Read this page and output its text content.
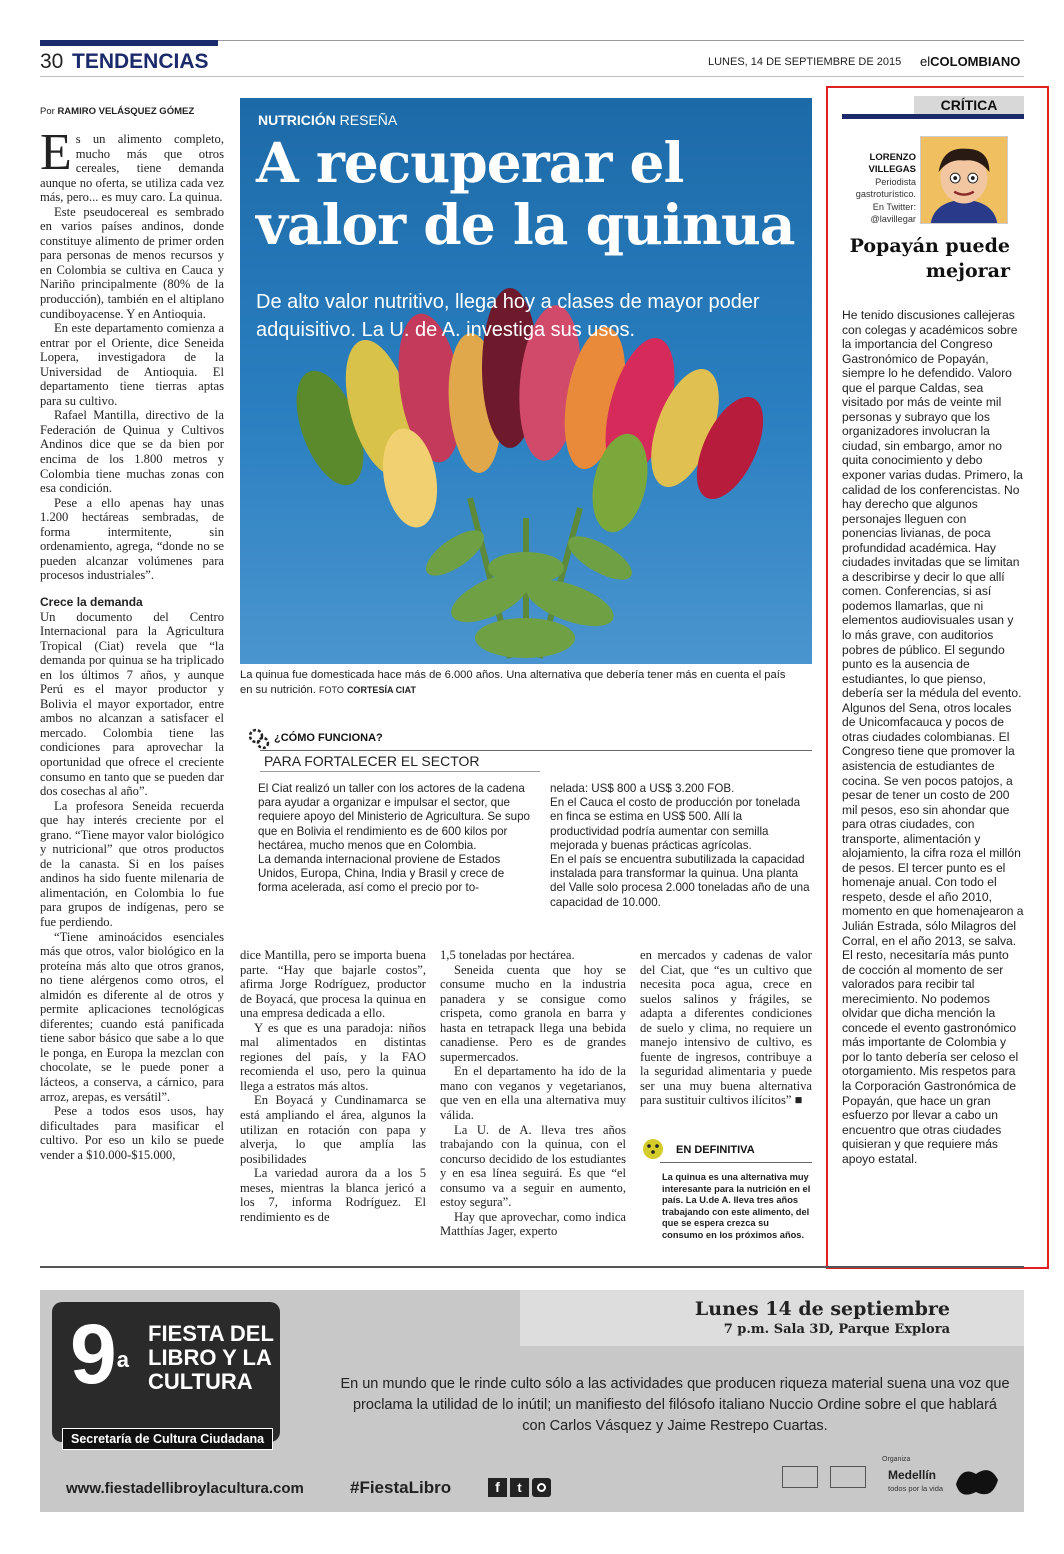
30 TENDENCIAS	LUNES, 14 DE SEPTIEMBRE DE 2015 elCOLOMBIANO
Por RAMIRO VELÁSQUEZ GÓMEZ

Es un alimento completo, mucho más que otros cereales, tiene demanda aunque no oferta, se utiliza cada vez más, pero... es muy caro. La quinua.

Este pseudocereal es sembrado en varios países andinos, donde constituye alimento de primer orden para personas de menos recursos y en Colombia se cultiva en Cauca y Nariño principalmente (80% de la producción), también en el altiplano cundiboyacense. Y en Antioquia.

En este departamento comienza a entrar por el Oriente, dice Seneida Lopera, investigadora de la Universidad de Antioquia. El departamento tiene tierras aptas para su cultivo.

Rafael Mantilla, directivo de la Federación de Quinua y Cultivos Andinos dice que se da bien por encima de los 1.800 metros y Colombia tiene muchas zonas con esa condición.

Pese a ello apenas hay unas 1.200 hectáreas sembradas, de forma intermitente, sin ordenamiento, agrega, “donde no se pueden alcanzar volúmenes para procesos industriales”.

Crece la demanda

Un documento del Centro Internacional para la Agricultura Tropical (Ciat) revela que “la demanda por quinua se ha triplicado en los últimos 7 años, y aunque Perú es el mayor productor y Bolivia el mayor exportador, entre ambos no alcanzan a satisfacer el mercado. Colombia tiene las condiciones para aprovechar la oportunidad que ofrece el creciente consumo en tanto que se pueden dar dos cosechas al año”.

La profesora Seneida recuerda que hay interés creciente por el grano. “Tiene mayor valor biológico y nutricional” que otros productos de la canasta. Si en los países andinos ha sido fuente milenaria de alimentación, en Colombia lo fue para grupos de indígenas, pero se fue perdiendo.

“Tiene aminoácidos esenciales más que otros, valor biológico en la proteína más alto que otros granos, no tiene alérgenos como otros, el almidón es diferente al de otros y permite aplicaciones tecnológicas diferentes; cuando está panificada tiene sabor básico que sabe a lo que le ponga, en Europa la mezclan con chocolate, se le puede poner a lácteos, a conserva, a cárnico, para arroz, arepas, es versátil”.

Pese a todos esos usos, hay dificultades para masificar el cultivo. Por eso un kilo se puede vender a $10.000-$15.000,

NUTRICIÓN RESEÑA
A recuperar el valor de la quinua
De alto valor nutritivo, llega hoy a clases de mayor poder adquisitivo. La U. de A. investiga sus usos.
La quinua fue domesticada hace más de 6.000 años. Una alternativa que debería tener más en cuenta el país en su nutrición. FOTO CORTESÍA CIAT
¿CÓMO FUNCIONA?
PARA FORTALECER EL SECTOR
El Ciat realizó un taller con los actores de la cadena para ayudar a organizar e impulsar el sector, que requiere apoyo del Ministerio de Agricultura. Se supo que en Bolivia el rendimiento es de 600 kilos por hectárea, mucho menos que en Colombia.
La demanda internacional proviene de Estados Unidos, Europa, China, India y Brasil y crece de forma acelerada, así como el precio por to-
nelada: US$ 800 a US$ 3.200 FOB.
En el Cauca el costo de producción por tonelada en finca se estima en US$ 500. Allí la productividad podría aumentar con semilla mejorada y buenas prácticas agrícolas.
En el país se encuentra subutilizada la capacidad instalada para transformar la quinua. Una planta del Valle solo procesa 2.000 toneladas año de una capacidad de 10.000.

dice Mantilla, pero se importa buena parte. “Hay que bajarle costos”, afirma Jorge Rodríguez, productor de Boyacá, que procesa la quinua en una empresa dedicada a ello.

Y es que es una paradoja: niños mal alimentados en distintas regiones del país, y la FAO recomienda el uso, pero la quinua llega a estratos más altos.

En Boyacá y Cundinamarca se está ampliando el área, algunos la utilizan en rotación con papa y alverja, lo que amplía las posibilidades

La variedad aurora da a los 5 meses, mientras la blanca jericó a los 7, informa Rodríguez. El rendimiento es de

1,5 toneladas por hectárea.

Seneida cuenta que hoy se consume mucho en la industria panadera y se consigue como crispeta, como granola en barra y hasta en tetrapack llega una bebida canadiense. Pero es de grandes supermercados.

En el departamento ha ido de la mano con veganos y vegetarianos, que ven en ella una alternativa muy válida.

La U. de A. lleva tres años trabajando con la quinua, con el concurso decidido de los estudiantes y en esa línea seguirá. Es que “el consumo va a seguir en aumento, estoy segura”.

Hay que aprovechar, como indica Matthías Jager, experto

en mercados y cadenas de valor del Ciat, que “es un cultivo que necesita poca agua, crece en suelos salinos y frágiles, se adapta a diferentes condiciones de suelo y clima, no requiere un manejo intensivo de cultivo, es fuente de ingresos, contribuye a la seguridad alimentaria y puede ser una muy buena alternativa para sustituir cultivos ilícitos” ■

EN DEFINITIVA
La quinua es una alternativa muy interesante para la nutrición en el país. La U.de A. lleva tres años trabajando con este alimento, del que se espera crezca su consumo en los próximos años.
CRÍTICA
LORENZO VILLEGAS
Periodista
gastroturístico.
En Twitter:
@lavillegar
Popayán puede mejorar
He tenido discusiones callejeras con colegas y académicos sobre la importancia del Congreso Gastronómico de Popayán, siempre lo he defendido. Valoro que el parque Caldas, sea visitado por más de veinte mil personas y subrayo que los organizadores involucran la ciudad, sin embargo, amor no quita conocimiento y debo exponer varias dudas. Primero, la calidad de los conferencistas. No hay derecho que algunos personajes lleguen con ponencias livianas, de poca profundidad académica. Hay ciudades invitadas que se limitan a describirse y decir lo que allí comen. Conferencias, si así podemos llamarlas, que ni elementos audiovisuales usan y lo más grave, con auditorios pobres de público. El segundo punto es la ausencia de estudiantes, lo que pienso, debería ser la médula del evento. Algunos del Sena, otros locales de Unicomfacauca y pocos de otras ciudades colombianas. El Congreso tiene que promover la asistencia de estudiantes de cocina. Se ven pocos patojos, a pesar de tener un costo de 200 mil pesos, eso sin ahondar que para otras ciudades, con transporte, alimentación y alojamiento, la cifra roza el millón de pesos. El tercer punto es el homenaje anual. Con todo el respeto, desde el año 2010, momento en que homenajearon a Julián Estrada, sólo Milagros del Corral, en el año 2013, se salva. El resto, necesitaría más punto de cocción al momento de ser valorados para recibir tal merecimiento. No podemos olvidar que dicha mención la concede el evento gastronómico más importante de Colombia y por lo tanto debería ser celoso el otorgamiento. Mis respetos para la Corporación Gastronómica de Popayán, que hace un gran esfuerzo por llevar a cabo un encuentro que otras ciudades quisieran y que requiere más apoyo estatal.
9$^a$
FIESTA DEL
LIBRO Y LA
CULTURA
Secretaría de Cultura Ciudadana
Lunes 14 de septiembre
7 p.m. Sala 3D, Parque Explora
En un mundo que le rinde culto sólo a las actividades que producen riqueza material suena una voz que proclama la utilidad de lo inútil; un manifiesto del filósofo italiano Nuccio Ordine sobre el que hablará con Carlos Vásquez y Jaime Restrepo Cuartas.
www.fiestadellibroylacultura.com	#FiestaLibro	f	t
Organiza
Medellín
todos por la vida
